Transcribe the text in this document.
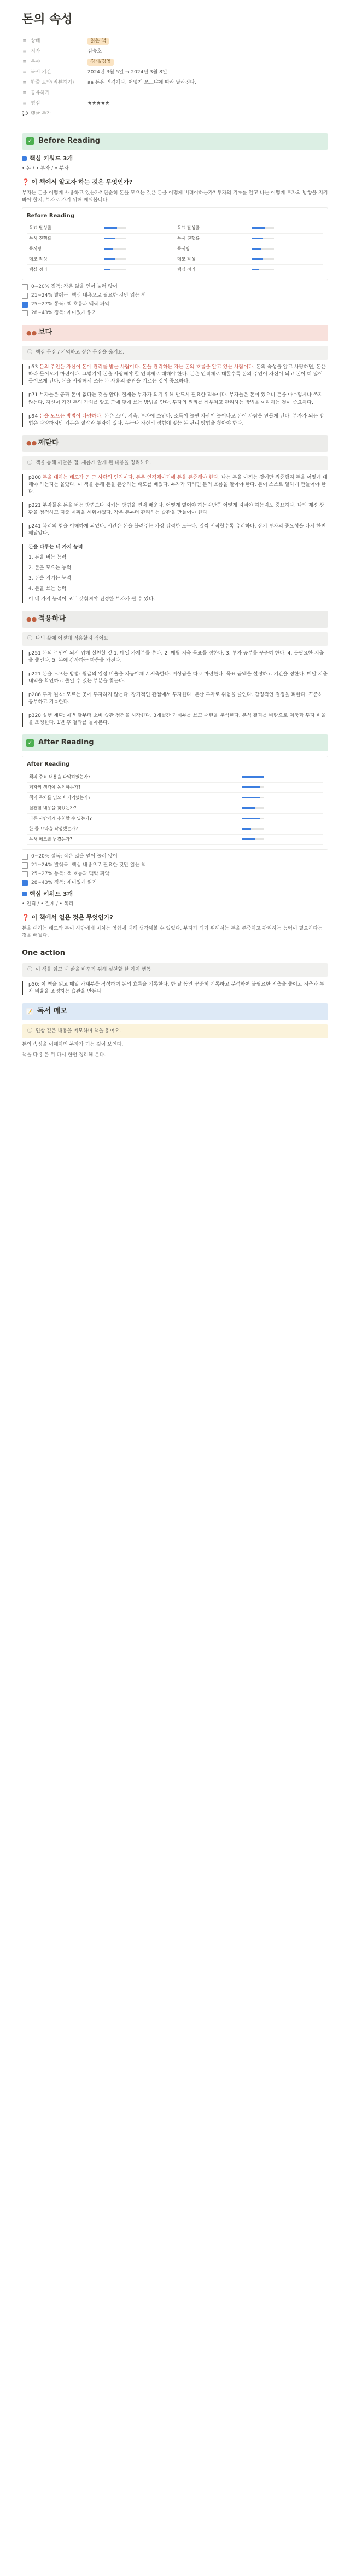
돈의 속성
≡ 상태	읽은 책
≡ 저자	김승호
≡ 분야	경제/경영
≡ 독서 기간	2024년 3월 5일 → 2024년 3월 8일
≡ 한줄 요약(리뷰하기)	aa 돈은 인격체다. 어떻게 쓰느냐에 따라 달라진다.
≡ 공유하기
≡ 평점	★★★★★
💬 댓글 추가
✓ Before Reading
핵심 키워드 3개
• 돈 / • 투자 / • 부자
❓ 이 책에서 알고자 하는 것은 무엇인가?

부자는 돈을 어떻게 사용하고 있는가? 단순히 돈을 모으는 것은 돈을 어떻게 버려야하는가? 투자의 기초를 알고 나는 어떻게 투자의 방향을 지켜봐야 할지, 부자로 가기 위해 배워봅니다.

Before Reading
목표 달성률		목표 달성률	

독서 진행률		독서 진행률	

독서량		독서량	

메모 작성		메모 작성	

핵심 정리		핵심 정리	
0~20% 정독: 작은 앎을 얻어 눌러 앉어
21~24% 발췌독: 핵심 내용으로 필요한 것만 읽는 책
25~27% 통독: 책 흐름과 맥락 파악
28~43% 정독: 재미있게 읽기
●● 보다
ⓘ 핵심 문장 / 기억하고 싶은 문장을 옮겨요.

p53 돈의 주인은 자신이 돈에 관리를 받는 사람이다. 돈을 관리하는 자는 돈의 흐름을 알고 있는 사람이다. 돈의 속성을 알고 사랑하면, 돈은 따라 들어오기 마련이다. 그렇기에 돈을 사랑해야 할 인격체로 대해야 한다. 돈은 인격체로 대할수록 돈의 주인이 자신이 되고 돈이 더 많이 들어오게 된다. 돈을 사랑해서 쓰는 돈 사용의 습관을 기르는 것이 중요하다.

p71 부자들은 공짜 돈이 없다는 것을 안다. 절제는 부자가 되기 위해 반드시 필요한 덕목이다. 부자들은 돈이 있으니 돈을 아무렇게나 쓰지 않는다. 자신이 가진 돈의 가치를 알고 그에 맞게 쓰는 방법을 안다. 투자의 원리를 깨우치고 관리하는 방법을 이해하는 것이 중요하다.

p94 돈을 모으는 방법이 다양하다. 돈은 소비, 저축, 투자에 쓰인다. 소득이 늘면 자산이 늘어나고 돈이 사람을 만들게 된다. 부자가 되는 방법은 다양하지만 기본은 절약과 투자에 있다. 누구나 자신의 경험에 맞는 돈 관리 방법을 찾아야 한다.

●● 깨닫다
ⓘ 책을 통해 깨달은 점, 새롭게 알게 된 내용을 정리해요.

p200 돈을 대하는 태도가 곧 그 사람의 인격이다. 돈은 인격체이기에 돈을 존중해야 한다. 나는 돈을 아끼는 것에만 집중했지 돈을 어떻게 대해야 하는지는 몰랐다. 이 책을 통해 돈을 존중하는 태도를 배웠다. 부자가 되려면 돈의 흐름을 알아야 한다. 돈이 스스로 일하게 만들어야 한다.

p221 부자들은 돈을 버는 방법보다 지키는 방법을 먼저 배운다. 어떻게 벌어야 하는지만큼 어떻게 지켜야 하는지도 중요하다. 나의 재정 상황을 점검하고 지출 계획을 세워야겠다. 작은 돈부터 관리하는 습관을 만들어야 한다.

p241 복리의 힘을 이해하게 되었다. 시간은 돈을 불려주는 가장 강력한 도구다. 일찍 시작할수록 유리하다. 장기 투자의 중요성을 다시 한번 깨달았다.

돈을 다루는 네 가지 능력

1. 돈을 버는 능력

2. 돈을 모으는 능력

3. 돈을 지키는 능력

4. 돈을 쓰는 능력

이 네 가지 능력이 모두 갖춰져야 진정한 부자가 될 수 있다.

●● 적용하다
ⓘ 나의 삶에 어떻게 적용할지 적어요.

p251 돈의 주인이 되기 위해 실천할 것 1. 매일 가계부를 쓴다. 2. 매월 저축 목표를 정한다. 3. 투자 공부를 꾸준히 한다. 4. 불필요한 지출을 줄인다. 5. 돈에 감사하는 마음을 가진다.

p221 돈을 모으는 방법: 월급의 일정 비율을 자동이체로 저축한다. 비상금을 따로 마련한다. 목표 금액을 설정하고 기간을 정한다. 매달 지출 내역을 확인하고 줄일 수 있는 부분을 찾는다.

p286 투자 원칙: 모르는 곳에 투자하지 않는다. 장기적인 관점에서 투자한다. 분산 투자로 위험을 줄인다. 감정적인 결정을 피한다. 꾸준히 공부하고 기록한다.

p320 실행 계획: 이번 달부터 소비 습관 점검을 시작한다. 3개월간 가계부를 쓰고 패턴을 분석한다. 분석 결과를 바탕으로 저축과 투자 비율을 조정한다. 1년 후 결과를 돌아본다.

✓ After Reading
After Reading
책의 주요 내용을 파악하였는가?	

저자의 생각에 동의하는가?	

책의 목차를 읽으며 기억했는가?	

실천할 내용을 찾았는가?	

다른 사람에게 추천할 수 있는가?	

한 줄 요약을 작성했는가?	

독서 메모를 남겼는가?	
0~20% 정독: 작은 앎을 얻어 눌러 앉어
21~24% 발췌독: 핵심 내용으로 필요한 것만 읽는 책
25~27% 통독: 책 흐름과 맥락 파악
28~43% 정독: 재미있게 읽기
핵심 키워드 3개
• 인격 / • 절제 / • 복리
❓ 이 책에서 얻은 것은 무엇인가?

돈을 대하는 태도와 돈이 사람에게 미치는 영향에 대해 생각해볼 수 있었다. 부자가 되기 위해서는 돈을 존중하고 관리하는 능력이 필요하다는 것을 배웠다.

One action
ⓘ 이 책을 읽고 내 삶을 바꾸기 위해 실천할 한 가지 행동

p50: 이 책을 읽고 매일 가계부를 작성하며 돈의 흐름을 기록한다. 한 달 동안 꾸준히 기록하고 분석하여 불필요한 지출을 줄이고 저축과 투자 비율을 조정하는 습관을 만든다.

📝 독서 메모
ⓘ 인상 깊은 내용을 메모하며 책을 읽어요.

돈의 속성을 이해하면 부자가 되는 길이 보인다.

책을 다 읽은 뒤 다시 한번 정리해 본다.
